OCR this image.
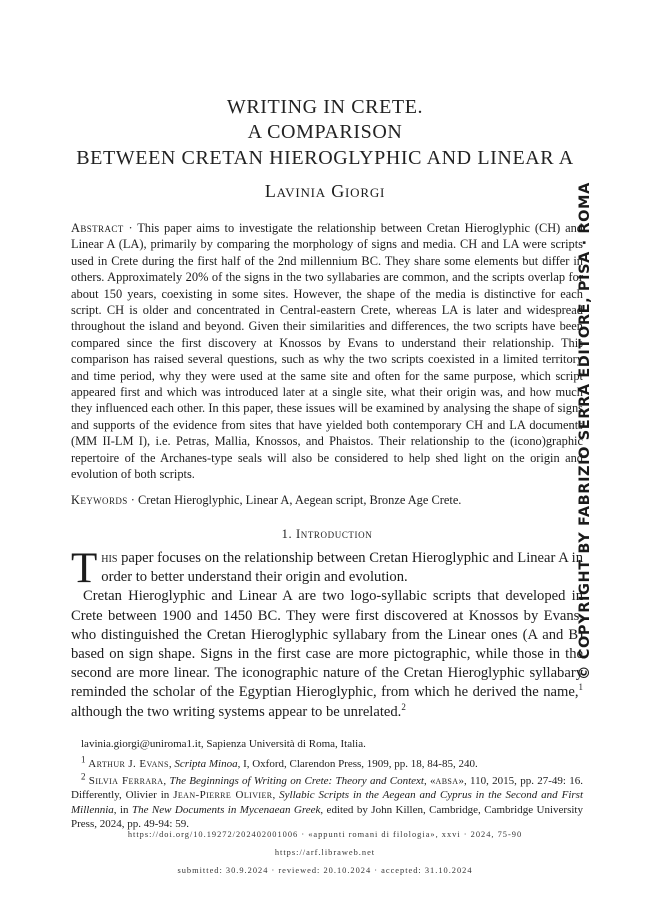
WRITING IN CRETE.
A COMPARISON
BETWEEN CRETAN HIEROGLYPHIC AND LINEAR A
Lavinia Giorgi
Abstract · This paper aims to investigate the relationship between Cretan Hieroglyphic (CH) and Linear A (LA), primarily by comparing the morphology of signs and media. CH and LA were scripts used in Crete during the first half of the 2nd millennium BC. They share some elements but differ in others. Approximately 20% of the signs in the two syllabaries are common, and the scripts overlap for about 150 years, coexisting in some sites. However, the shape of the media is distinctive for each script. CH is older and concentrated in Central-eastern Crete, whereas LA is later and widespread throughout the island and beyond. Given their similarities and differences, the two scripts have been compared since the first discovery at Knossos by Evans to understand their relationship. This comparison has raised several questions, such as why the two scripts coexisted in a limited territory and time period, why they were used at the same site and often for the same purpose, which script appeared first and which was introduced later at a single site, what their origin was, and how much they influenced each other. In this paper, these issues will be examined by analysing the shape of signs and supports of the evidence from sites that have yielded both contemporary CH and LA documents (MM II-LM I), i.e. Petras, Mallia, Knossos, and Phaistos. Their relationship to the (icono)graphic repertoire of the Archanes-type seals will also be considered to help shed light on the origin and evolution of both scripts.
Keywords · Cretan Hieroglyphic, Linear A, Aegean script, Bronze Age Crete.
1. Introduction

This paper focuses on the relationship between Cretan Hieroglyphic and Linear A in order to better understand their origin and evolution.

Cretan Hieroglyphic and Linear A are two logo-syllabic scripts that developed in Crete between 1900 and 1450 BC. They were first discovered at Knossos by Evans, who distinguished the Cretan Hieroglyphic syllabary from the Linear ones (A and B) based on sign shape. Signs in the first case are more pictographic, while those in the second are more linear. The iconographic nature of the Cretan Hieroglyphic syllabary reminded the scholar of the Egyptian Hieroglyphic, from which he derived the name,$^1$ although the two writing systems appear to be unrelated.$^2$

lavinia.giorgi@uniroma1.it, Sapienza Università di Roma, Italia.

$^1$ Arthur J. Evans, Scripta Minoa, I, Oxford, Clarendon Press, 1909, pp. 18, 84-85, 240.

$^2$ Silvia Ferrara, The Beginnings of Writing on Crete: Theory and Context, «absa», 110, 2015, pp. 27-49: 16. Differently, Olivier in Jean-Pierre Olivier, Syllabic Scripts in the Aegean and Cyprus in the Second and First Millennia, in The New Documents in Mycenaean Greek, edited by John Killen, Cambridge, Cambridge University Press, 2024, pp. 49-94: 59.

https://doi.org/10.19272/202402001006 · «appunti romani di filologia», xxvi · 2024, 75-90
https://arf.libraweb.net
submitted: 30.9.2024 · reviewed: 20.10.2024 · accepted: 31.10.2024
© COPYRIGHT BY FABRIZIO SERRA EDITORE, PISA · ROMA
